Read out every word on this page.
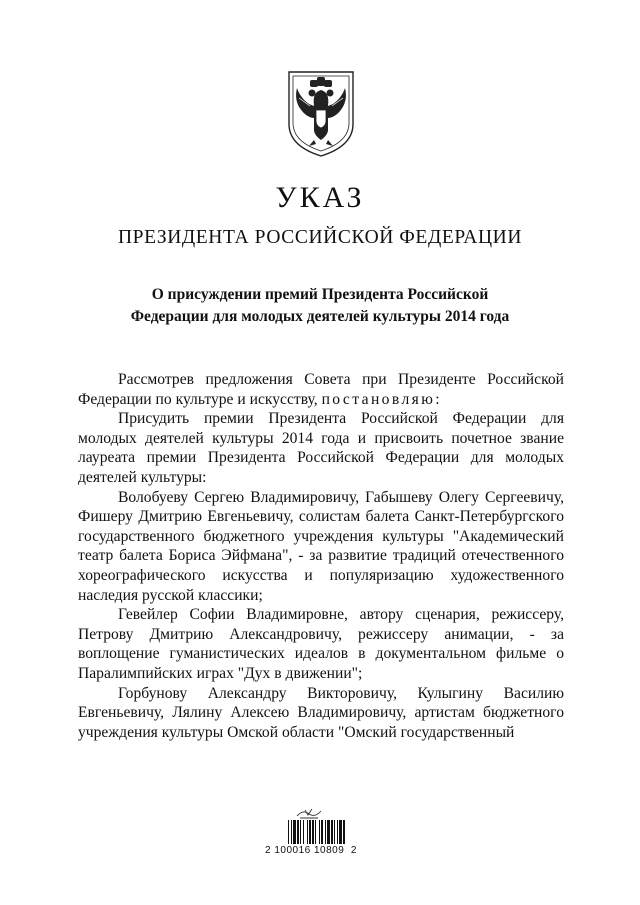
УКАЗ
ПРЕЗИДЕНТА РОССИЙСКОЙ ФЕДЕРАЦИИ
О присуждении премий Президента Российской
Федерации для молодых деятелей культуры 2014 года

Рассмотрев предложения Совета при Президенте Российской Федерации по культуре и искусству, постановляю:

Присудить премии Президента Российской Федерации для молодых деятелей культуры 2014 года и присвоить почетное звание лауреата премии Президента Российской Федерации для молодых деятелей культуры:

Волобуеву Сергею Владимировичу, Габышеву Олегу Сергеевичу, Фишеру Дмитрию Евгеньевичу, солистам балета Санкт-Петербургского государственного бюджетного учреждения культуры "Академический театр балета Бориса Эйфмана", - за развитие традиций отечественного хореографического искусства и популяризацию художественного наследия русской классики;

Гевейлер Софии Владимировне, автору сценария, режиссеру, Петрову Дмитрию Александровичу, режиссеру анимации, - за воплощение гуманистических идеалов в документальном фильме о Паралимпийских играх "Дух в движении";

Горбунову Александру Викторовичу, Кулыгину Василию Евгеньевичу, Лялину Алексею Владимировичу, артистам бюджетного учреждения культуры Омской области "Омский государственный

2 100016 10809  2
